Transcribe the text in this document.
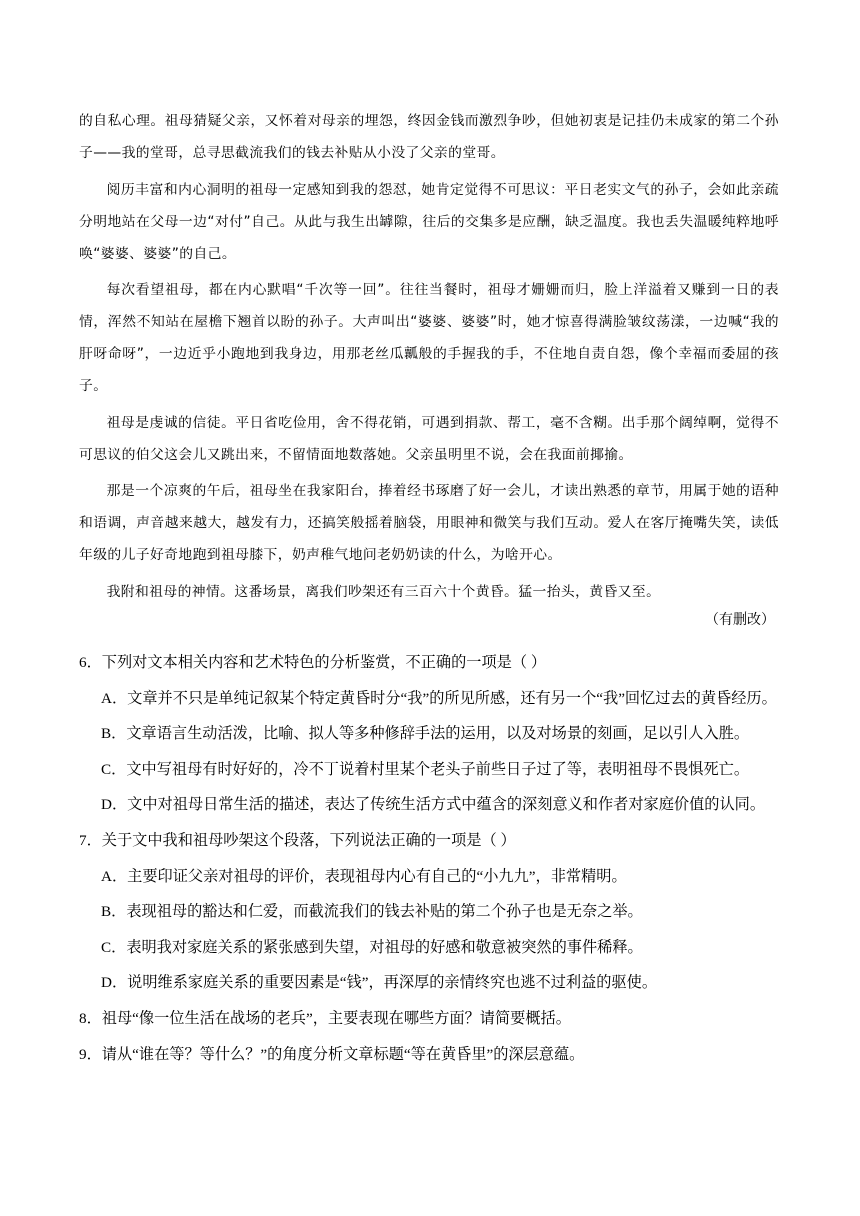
的自私心理。祖母猜疑父亲，又怀着对母亲的埋怨，终因金钱而激烈争吵，但她初衷是记挂仍未成家的第二个孙子——我的堂哥，总寻思截流我们的钱去补贴从小没了父亲的堂哥。

阅历丰富和内心洞明的祖母一定感知到我的怨怼，她肯定觉得不可思议：平日老实文气的孙子，会如此亲疏分明地站在父母一边“对付”自己。从此与我生出罅隙，往后的交集多是应酬，缺乏温度。我也丢失温暖纯粹地呼唤“婆婆、婆婆”的自己。

每次看望祖母，都在内心默唱“千次等一回”。往往当餐时，祖母才姗姗而归，脸上洋溢着又赚到一日的表情，浑然不知站在屋檐下翘首以盼的孙子。大声叫出“婆婆、婆婆”时，她才惊喜得满脸皱纹荡漾，一边喊“我的肝呀命呀”，一边近乎小跑地到我身边，用那老丝瓜瓤般的手握我的手，不住地自责自怨，像个幸福而委屈的孩子。

祖母是虔诚的信徒。平日省吃俭用，舍不得花销，可遇到捐款、帮工，毫不含糊。出手那个阔绰啊，觉得不可思议的伯父这会儿又跳出来，不留情面地数落她。父亲虽明里不说，会在我面前揶揄。

那是一个凉爽的午后，祖母坐在我家阳台，捧着经书琢磨了好一会儿，才读出熟悉的章节，用属于她的语种和语调，声音越来越大，越发有力，还搞笑般摇着脑袋，用眼神和微笑与我们互动。爱人在客厅掩嘴失笑，读低年级的儿子好奇地跑到祖母膝下，奶声稚气地问老奶奶读的什么，为啥开心。

我附和祖母的神情。这番场景，离我们吵架还有三百六十个黄昏。猛一抬头，黄昏又至。

（有删改）
6．下列对文本相关内容和艺术特色的分析鉴赏，不正确的一项是（ ）
A．文章并不只是单纯记叙某个特定黄昏时分“我”的所见所感，还有另一个“我”回忆过去的黄昏经历。
B．文章语言生动活泼，比喻、拟人等多种修辞手法的运用，以及对场景的刻画，足以引人入胜。
C．文中写祖母有时好好的，冷不丁说着村里某个老头子前些日子过了等，表明祖母不畏惧死亡。
D．文中对祖母日常生活的描述，表达了传统生活方式中蕴含的深刻意义和作者对家庭价值的认同。
7．关于文中我和祖母吵架这个段落，下列说法正确的一项是（ ）
A．主要印证父亲对祖母的评价，表现祖母内心有自己的“小九九”，非常精明。
B．表现祖母的豁达和仁爱，而截流我们的钱去补贴的第二个孙子也是无奈之举。
C．表明我对家庭关系的紧张感到失望，对祖母的好感和敬意被突然的事件稀释。
D．说明维系家庭关系的重要因素是“钱”，再深厚的亲情终究也逃不过利益的驱使。
8．祖母“像一位生活在战场的老兵”，主要表现在哪些方面？请简要概括。
9．请从“谁在等？等什么？”的角度分析文章标题“等在黄昏里”的深层意蕴。
